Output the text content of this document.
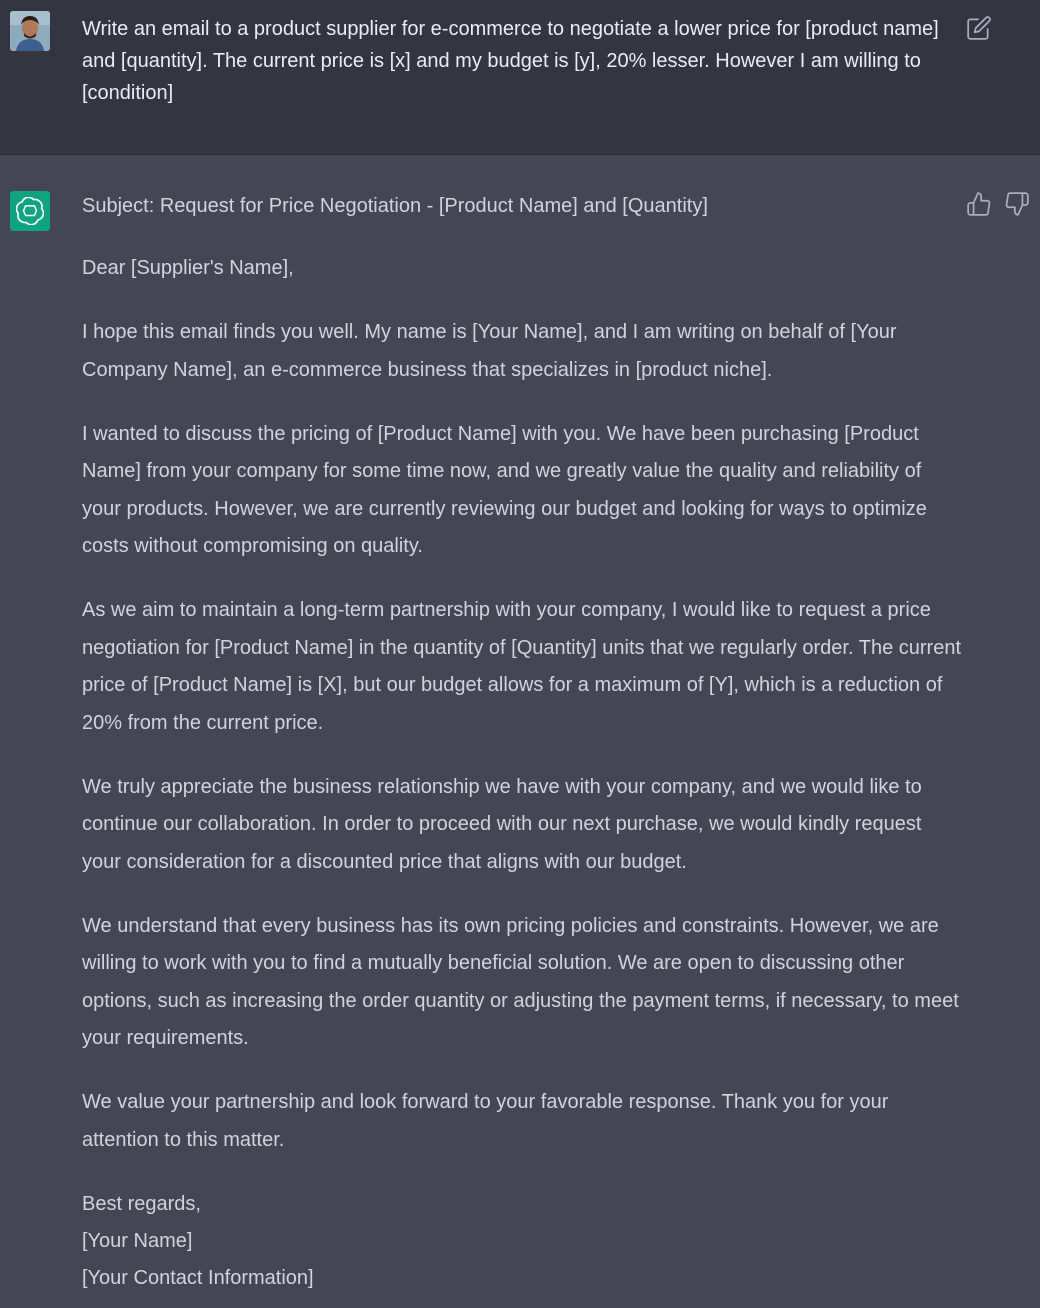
Write an email to a product supplier for e-commerce to negotiate a lower price for [product name] and [quantity]. The current price is [x] and my budget is [y], 20% lesser. However I am willing to [condition]

Subject: Request for Price Negotiation - [Product Name] and [Quantity]

Dear [Supplier's Name],

I hope this email finds you well. My name is [Your Name], and I am writing on behalf of [Your Company Name], an e-commerce business that specializes in [product niche].

I wanted to discuss the pricing of [Product Name] with you. We have been purchasing [Product Name] from your company for some time now, and we greatly value the quality and reliability of your products. However, we are currently reviewing our budget and looking for ways to optimize costs without compromising on quality.

As we aim to maintain a long-term partnership with your company, I would like to request a price negotiation for [Product Name] in the quantity of [Quantity] units that we regularly order. The current price of [Product Name] is [X], but our budget allows for a maximum of [Y], which is a reduction of 20% from the current price.

We truly appreciate the business relationship we have with your company, and we would like to continue our collaboration. In order to proceed with our next purchase, we would kindly request your consideration for a discounted price that aligns with our budget.

We understand that every business has its own pricing policies and constraints. However, we are willing to work with you to find a mutually beneficial solution. We are open to discussing other options, such as increasing the order quantity or adjusting the payment terms, if necessary, to meet your requirements.

We value your partnership and look forward to your favorable response. Thank you for your attention to this matter.

Best regards,
[Your Name]
[Your Contact Information]
